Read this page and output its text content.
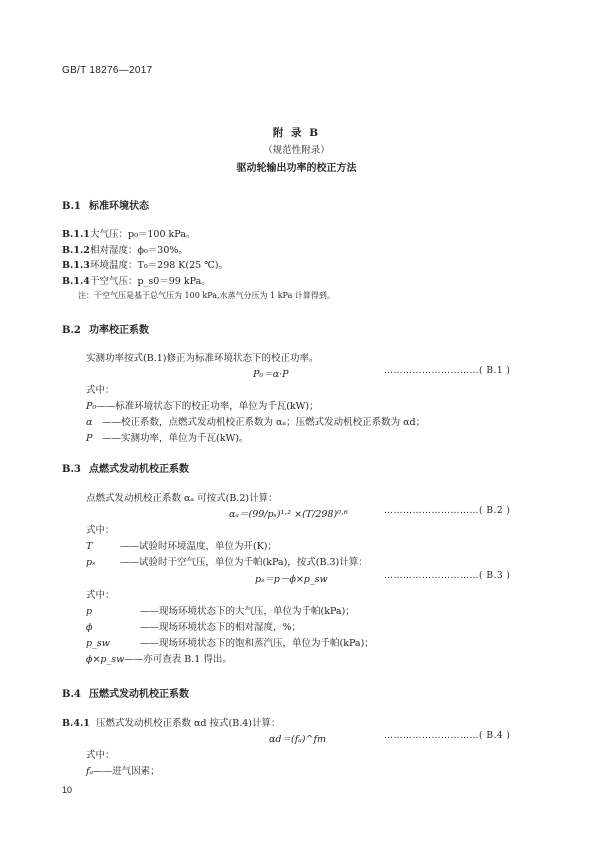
GB/T 18276—2017
附 录 B
（规范性附录）
驱动轮输出功率的校正方法
B.1 标准环境状态
B.1.1大气压：p₀＝100 kPa。
B.1.2相对湿度：ϕ₀＝30%。
B.1.3环境温度：T₀＝298 K(25 ℃)。
B.1.4干空气压：p_s0＝99 kPa。
注：干空气压是基于总气压为 100 kPa,水蒸气分压为 1 kPa 计算得到。
B.2 功率校正系数
实测功率按式(B.1)修正为标准环境状态下的校正功率。
P₀＝α·P	…………………………( B.1 )
式中：
P₀——标准环境状态下的校正功率，单位为千瓦(kW)；
α ——校正系数，点燃式发动机校正系数为 αₐ；压燃式发动机校正系数为 αd；
P ——实测功率，单位为千瓦(kW)。
B.3 点燃式发动机校正系数
点燃式发动机校正系数 αₐ 可按式(B.2)计算：
αₐ＝(99/pₛ)¹·² ×(T/298)⁰·⁶	…………………………( B.2 )
式中：
T	——试验时环境温度，单位为开(K)；
pₛ	——试验时干空气压，单位为千帕(kPa)，按式(B.3)计算：
pₛ＝p－ϕ×p_sw	…………………………( B.3 )
式中：
p	——现场环境状态下的大气压，单位为千帕(kPa)；
ϕ	——现场环境状态下的相对湿度，%；
p_sw	——现场环境状态下的饱和蒸汽压，单位为千帕(kPa)；
ϕ×p_sw——亦可查表 B.1 得出。
B.4 压燃式发动机校正系数
B.4.1 压燃式发动机校正系数 αd 按式(B.4)计算：
αd＝(fₐ)^fm	…………………………( B.4 )
式中：
fₐ——进气因素；
10
